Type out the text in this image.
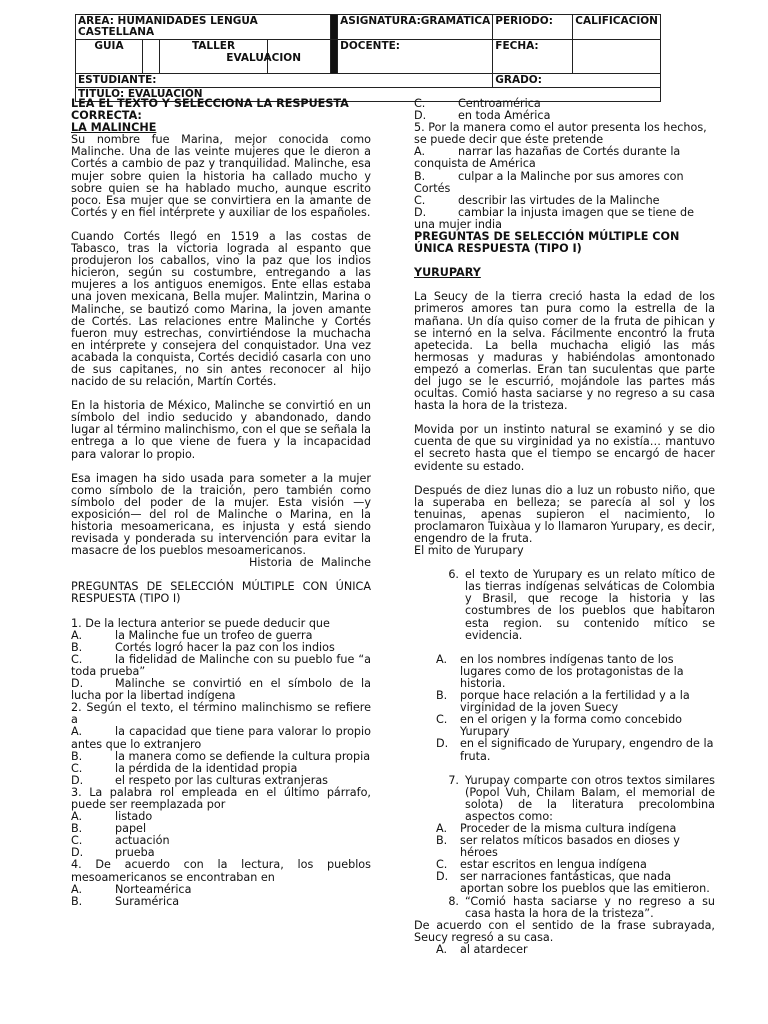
AREA: HUMANIDADES LENGUA CASTELLANA					ASIGNATURA:GRAMÁTICA	PERIODO:	CALIFICACION
GUIA		TALLER	EVALUACION		DOCENTE:	FECHA:	
ESTUDIANTE:						GRADO:	
TITULO: EVALUACIÓN							

LEA EL TEXTO Y SELECCIONA LA RESPUESTA CORRECTA:

LA MALINCHE

Su nombre fue Marina, mejor conocida como Malinche. Una de las veinte mujeres que le dieron a Cortés a cambio de paz y tranquilidad. Malinche, esa mujer sobre quien la historia ha callado mucho y sobre quien se ha hablado mucho, aunque escrito poco. Esa mujer que se convirtiera en la amante de Cortés y en fiel intérprete y auxiliar de los españoles.

Cuando Cortés llegó en 1519 a las costas de Tabasco, tras la victoria lograda al espanto que produjeron los caballos, vino la paz que los indios hicieron, según su costumbre, entregando a las mujeres a los antiguos enemigos. Ente ellas estaba una joven mexicana, Bella mujer. Malintzin, Marina o Malinche, se bautizó como Marina, la joven amante de Cortés. Las relaciones entre Malinche y Cortés fueron muy estrechas, convirtiéndose la muchacha en intérprete y consejera del conquistador. Una vez acabada la conquista, Cortés decidió casarla con uno de sus capitanes, no sin antes reconocer al hijo nacido de su relación, Martín Cortés.

En la historia de México, Malinche se convirtió en un símbolo del indio seducido y abandonado, dando lugar al término malinchismo, con el que se señala la entrega a lo que viene de fuera y la incapacidad para valorar lo propio.

Esa imagen ha sido usada para someter a la mujer como símbolo de la traición, pero también como símbolo del poder de la mujer. Esta visión —y exposición— del rol de Malinche o Marina, en la historia mesoamericana, es injusta y está siendo revisada y ponderada su intervención para evitar la masacre de los pueblos mesoamericanos.

Historia de Malinche

PREGUNTAS DE SELECCIÓN MÚLTIPLE CON ÚNICA RESPUESTA (TIPO I)

1. De la lectura anterior se puede deducir que

A.	la Malinche fue un trofeo de guerra
B.	Cortés logró hacer la paz con los indios

C.	la fidelidad de Malinche con su pueblo fue “a toda prueba”

D.	Malinche se convirtió en el símbolo de la lucha por la libertad indígena

2. Según el texto, el término malinchismo se refiere a

A.	la capacidad que tiene para valorar lo propio antes que lo extranjero

B.	la manera como se defiende la cultura propia

C.	la pérdida de la identidad propia
D.	el respeto por las culturas extranjeras

3. La palabra rol empleada en el último párrafo, puede ser reemplazada por

A.	listado
B.	papel
C.	actuación
D.	prueba

4. De acuerdo con la lectura, los pueblos mesoamericanos se encontraban en

A.	Norteamérica
B.	Suramérica
C.	Centroamérica
D.	en toda América

5. Por la manera como el autor presenta los hechos, se puede decir que éste pretende

A.	narrar las hazañas de Cortés durante la conquista de América

B.	culpar a la Malinche por sus amores con Cortés

C.	describir las virtudes de la Malinche

D.	cambiar la injusta imagen que se tiene de una mujer india

PREGUNTAS DE SELECCIÓN MÚLTIPLE CON ÚNICA RESPUESTA (TIPO I)

YURUPARY

La Seucy de la tierra creció hasta la edad de los primeros amores tan pura como la estrella de la mañana. Un día quiso comer de la fruta de pihican y se internó en la selva. Fácilmente encontró la fruta apetecida. La bella muchacha eligió las más hermosas y maduras y habiéndolas amontonado empezó a comerlas. Eran tan suculentas que parte del jugo se le escurrió, mojándole las partes más ocultas. Comió hasta saciarse y no regreso a su casa hasta la hora de la tristeza.

Movida por un instinto natural se examinó y se dio cuenta de que su virginidad ya no existía… mantuvo el secreto hasta que el tiempo se encargó de hacer evidente su estado.

Después de diez lunas dio a luz un robusto niño, que la superaba en belleza; se parecía al sol y los tenuinas, apenas supieron el nacimiento, lo proclamaron Tuixàua y lo llamaron Yurupary, es decir, engendro de la fruta.

El mito de Yurupary

6. el texto de Yurupary es un relato mítico de las tierras indígenas selváticas de Colombia y Brasil, que recoge la historia y las costumbres de los pueblos que habitaron esta region. su contenido mítico se evidencia.
A.	en los nombres indígenas tanto de los lugares como de los protagonistas de la historia.
B.	porque hace relación a la fertilidad y a la virginidad de la joven Suecy
C.	en el origen y la forma como concebido Yurupary
D.	en el significado de Yurupary, engendro de la fruta.
7. Yurupay comparte con otros textos similares (Popol Vuh, Chilam Balam, el memorial de solota) de la literatura precolombina aspectos como:
A.	Proceder de la misma cultura indígena
B.	ser relatos míticos basados en dioses y héroes
C.	estar escritos en lengua indígena
D.	ser narraciones fantásticas, que nada aportan sobre los pueblos que las emitieron.
8. “Comió hasta saciarse y no regreso a su casa hasta la hora de la tristeza”.

De acuerdo con el sentido de la frase subrayada, Seucy regresó a su casa.

A.	al atardecer
